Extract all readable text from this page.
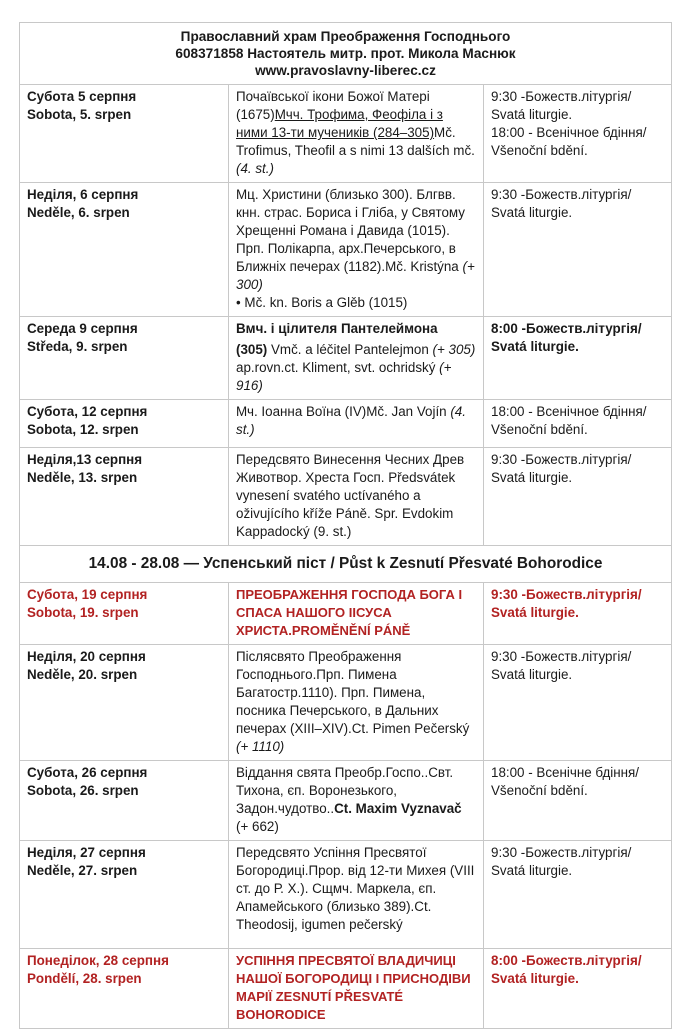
Православний храм Преображення Господнього
608371858 Настоятель митр. прот. Микола Маснюк
www.pravoslavny-liberec.cz		

Субота 5 серпня
Sobota, 5. srpen	Почаївської ікони Божої Матері (1675)Мчч. Трофима, Феофіла і з ними 13-ти мучеників (284–305)Mč. Trofimus, Theofil a s nimi 13 dalších mč. (4. st.)	9:30 -Божеств.літургія/ Svatá liturgie.
18:00 - Всенічное бдіння/ Všenoční bdění.

Неділя, 6 серпня
Neděle, 6. srpen	Мц. Христини (близько 300). Блгвв. кнн. страс. Бориса і Гліба, у Святому Хрещенні Романа і Давида (1015). Прп. Полікарпа, арх.Печерського, в Ближніх печерах (1182).Mč. Kristýna (+ 300)
• Mč. kn. Boris a Glěb (1015)	9:30 -Божеств.літургія/ Svatá liturgie.

Середа 9 серпня
Středa, 9. srpen	Вмч. і цілителя Пантелеймона
(305) Vmč. a léčitel Pantelejmon (+ 305) ap.rovn.ct. Kliment, svt. ochridský (+ 916)	8:00 -Божеств.літургія/ Svatá liturgie.

Субота, 12 серпня
Sobota, 12. srpen	Мч. Іоанна Воїна (IV)Mč. Jan Vojín (4. st.)	18:00 - Всенічное бдіння/ Všenoční bdění.

Неділя,13 серпня
Neděle, 13. srpen	Передсвято Винесення Чесних Древ Животвор. Хреста Госп. Předsvátek vynesení svatého uctívaného a oživujícího kříže Páně. Spr. Evdokim Kappadocký (9. st.)	9:30 -Божеств.літургія/ Svatá liturgie.

14.08 - 28.08 — Успенський піст / Půst k Zesnutí Přesvaté Bohorodice		

Субота, 19 серпня
Sobota, 19. srpen	ПРЕОБРАЖЕННЯ ГОСПОДА БОГА І СПАСА НАШОГО ІІСУСА ХРИСТА.PROMĚNĚNÍ PÁNĚ	9:30 -Божеств.літургія/ Svatá liturgie.

Неділя, 20 серпня
Neděle, 20. srpen	Післясвято Преображення Господнього.Прп. Пимена Багатостр.1110). Прп. Пимена, посника Печерського, в Дальних печерах (XIII–XIV).Ct. Pimen Pečerský (+ 1110)	9:30 -Божеств.літургія/ Svatá liturgie.

Субота, 26 серпня
Sobota, 26. srpen	Віддання свята Преобр.Госпо..Свт. Тихона, єп. Воронезького, Задон.чудотво..Ct. Maxim Vyznavač (+ 662)	18:00 - Всенічне бдіння/ Všenoční bdění.

Неділя, 27 серпня
Neděle, 27. srpen	Передсвято Успіння Пресвятої Богородиці.Прор. від 12-ти Михея (VIII ст. до Р. Х.). Сщмч. Маркела, єп. Апамейського (близько 389).Ct. Theodosij, igumen pečerský	9:30 -Божеств.літургія/ Svatá liturgie.

Понеділок, 28 серпня
Pondělí, 28. srpen	УСПІННЯ ПРЕСВЯТОЇ ВЛАДИЧИЦІ НАШОЇ БОГОРОДИЦІ І ПРИСНОДІВИ МАРІЇ ZESNUTÍ PŘESVATÉ BOHORODICE	8:00 -Божеств.літургія/ Svatá liturgie.
